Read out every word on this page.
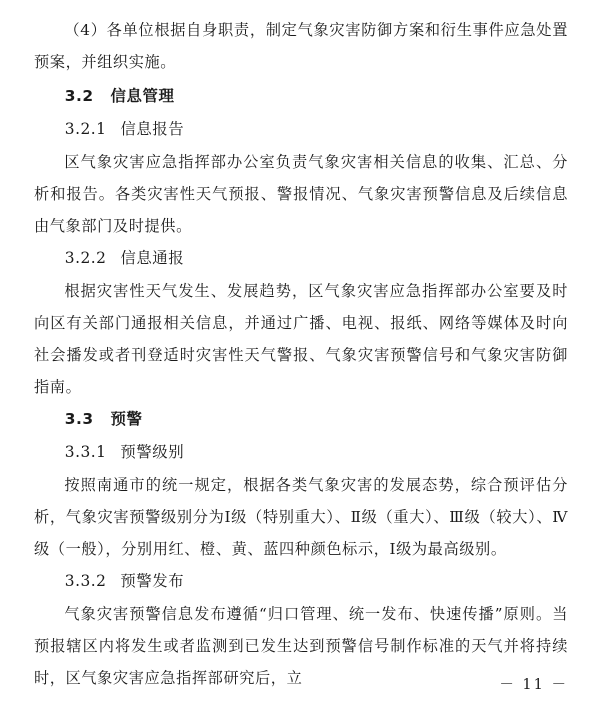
（4）各单位根据自身职责，制定气象灾害防御方案和衍生事件应急处置预案，并组织实施。

3.2 信息管理
3.2.1 信息报告

区气象灾害应急指挥部办公室负责气象灾害相关信息的收集、汇总、分析和报告。各类灾害性天气预报、警报情况、气象灾害预警信息及后续信息由气象部门及时提供。

3.2.2 信息通报

根据灾害性天气发生、发展趋势，区气象灾害应急指挥部办公室要及时向区有关部门通报相关信息，并通过广播、电视、报纸、网络等媒体及时向社会播发或者刊登适时灾害性天气警报、气象灾害预警信号和气象灾害防御指南。

3.3 预警
3.3.1 预警级别

按照南通市的统一规定，根据各类气象灾害的发展态势，综合预评估分析，气象灾害预警级别分为Ⅰ级（特别重大）、Ⅱ级（重大）、Ⅲ级（较大）、Ⅳ级（一般），分别用红、橙、黄、蓝四种颜色标示，Ⅰ级为最高级别。

3.3.2 预警发布

气象灾害预警信息发布遵循“归口管理、统一发布、快速传播”原则。当预报辖区内将发生或者监测到已发生达到预警信号制作标准的天气并将持续时，区气象灾害应急指挥部研究后，立	－ 11 －
